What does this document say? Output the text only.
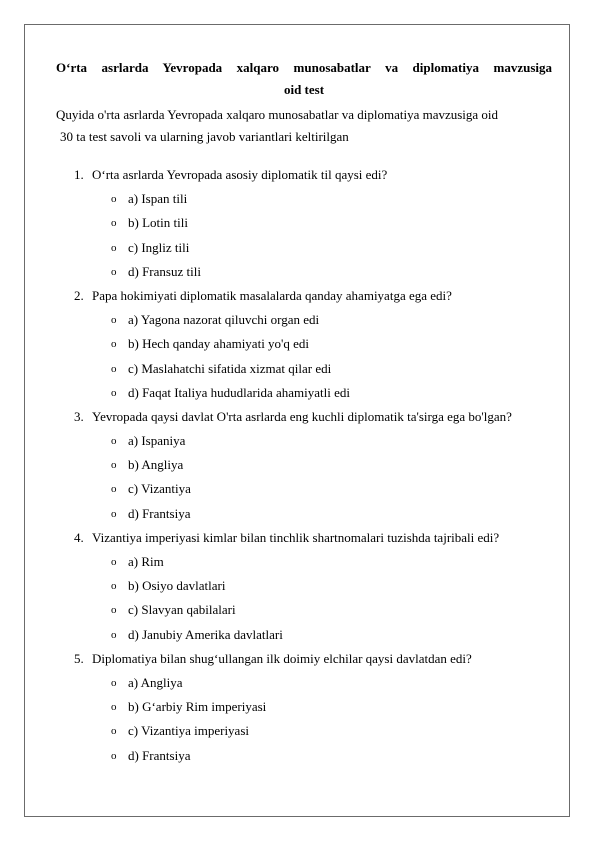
O‘rta asrlarda Yevropada xalqaro munosabatlar va diplomatiya mavzusiga
oid test
Quyida o'rta asrlarda Yevropada xalqaro munosabatlar va diplomatiya mavzusiga oid
30 ta test savoli va ularning javob variantlari keltirilgan
1. O‘rta asrlarda Yevropada asosiy diplomatik til qaysi edi?
o a) Ispan tili
o b) Lotin tili
o c) Ingliz tili
o d) Fransuz tili
2. Papa hokimiyati diplomatik masalalarda qanday ahamiyatga ega edi?
o a) Yagona nazorat qiluvchi organ edi
o b) Hech qanday ahamiyati yo'q edi
o c) Maslahatchi sifatida xizmat qilar edi
o d) Faqat Italiya hududlarida ahamiyatli edi
3. Yevropada qaysi davlat O'rta asrlarda eng kuchli diplomatik ta'sirga ega bo'lgan?
o a) Ispaniya
o b) Angliya
o c) Vizantiya
o d) Frantsiya
4. Vizantiya imperiyasi kimlar bilan tinchlik shartnomalari tuzishda tajribali edi?
o a) Rim
o b) Osiyo davlatlari
o c) Slavyan qabilalari
o d) Janubiy Amerika davlatlari
5. Diplomatiya bilan shug‘ullangan ilk doimiy elchilar qaysi davlatdan edi?
o a) Angliya
o b) G‘arbiy Rim imperiyasi
o c) Vizantiya imperiyasi
o d) Frantsiya
